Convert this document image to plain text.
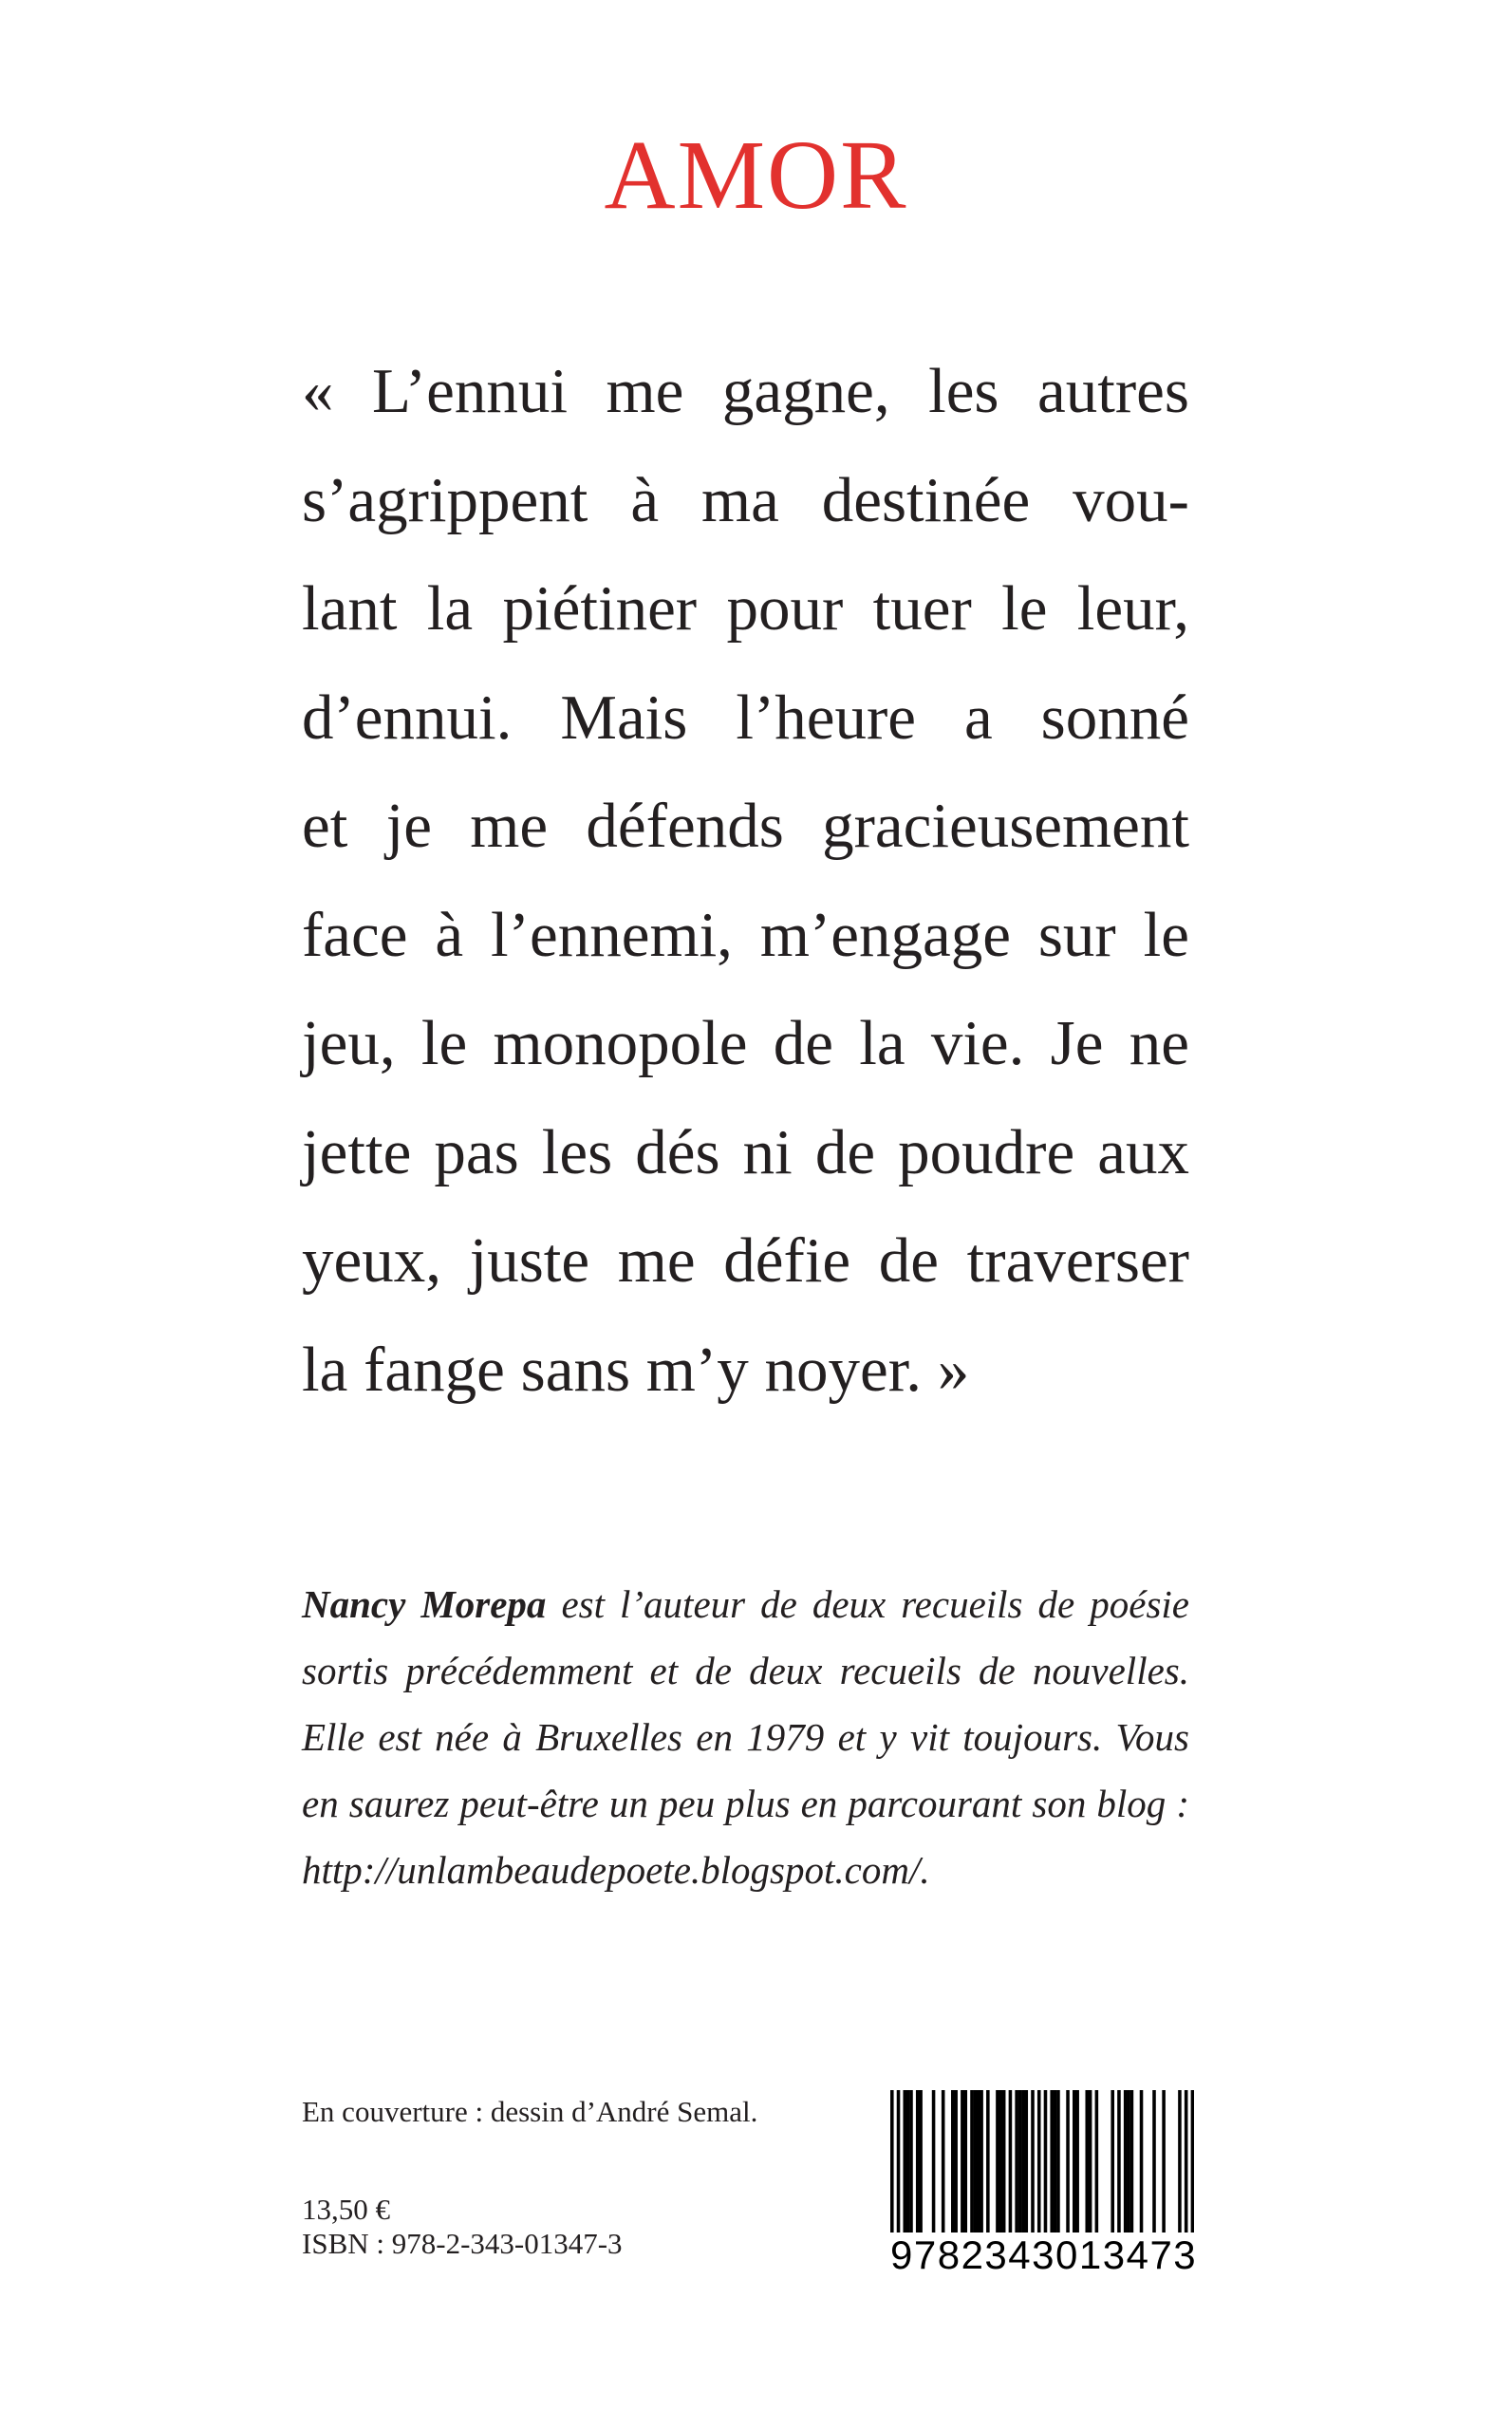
AMOR
« L’ennui me gagne, les autres
s’agrippent à ma destinée vou-
lant la piétiner pour tuer le leur,
d’ennui. Mais l’heure a sonné
et je me défends gracieusement
face à l’ennemi, m’engage sur le
jeu, le monopole de la vie. Je ne
jette pas les dés ni de poudre aux
yeux, juste me défie de traverser
la fange sans m’y noyer. »
Nancy Morepa est l’auteur de deux recueils de poésie
sortis précédemment et de deux recueils de nouvelles.
Elle est née à Bruxelles en 1979 et y vit toujours. Vous
en saurez peut-être un peu plus en parcourant son blog :
http://unlambeaudepoete.blogspot.com/.
En couverture : dessin d’André Semal.
13,50 €
ISBN : 978-2-343-01347-3	9782343013473
